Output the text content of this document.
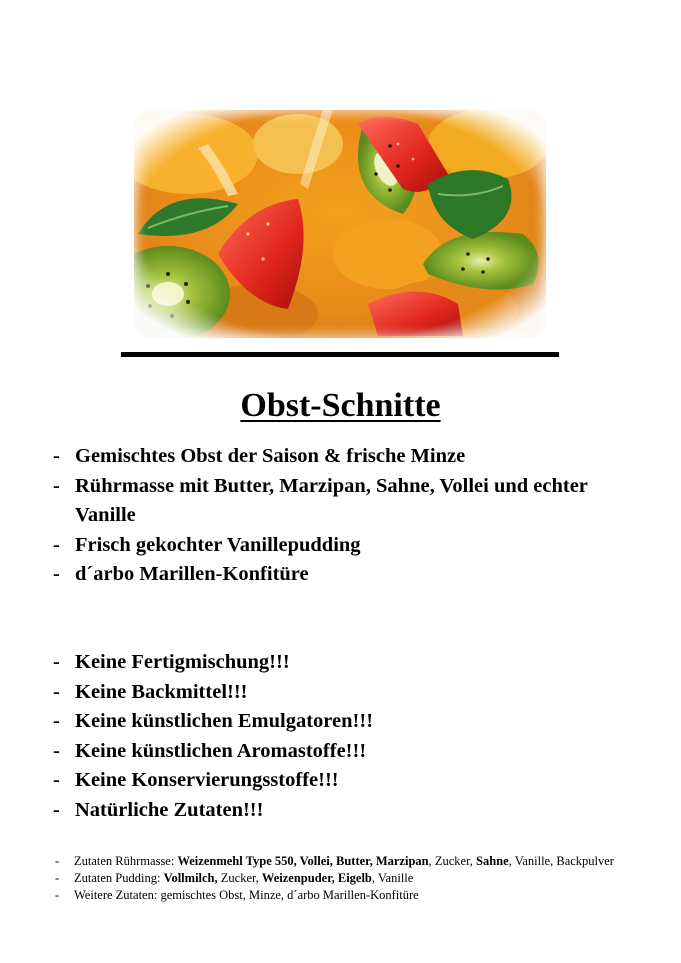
Obst-Schnitte
- Gemischtes Obst der Saison & frische Minze
- Rührmasse mit Butter, Marzipan, Sahne, Vollei und echter Vanille
- Frisch gekochter Vanillepudding
- d´arbo Marillen-Konfitüre
- Keine Fertigmischung!!!
- Keine Backmittel!!!
- Keine künstlichen Emulgatoren!!!
- Keine künstlichen Aromastoffe!!!
- Keine Konservierungsstoffe!!!
- Natürliche Zutaten!!!
- Zutaten Rührmasse: Weizenmehl Type 550, Vollei, Butter, Marzipan, Zucker, Sahne, Vanille, Backpulver
- Zutaten Pudding: Vollmilch, Zucker, Weizenpuder, Eigelb, Vanille
- Weitere Zutaten: gemischtes Obst, Minze, d´arbo Marillen-Konfitüre
